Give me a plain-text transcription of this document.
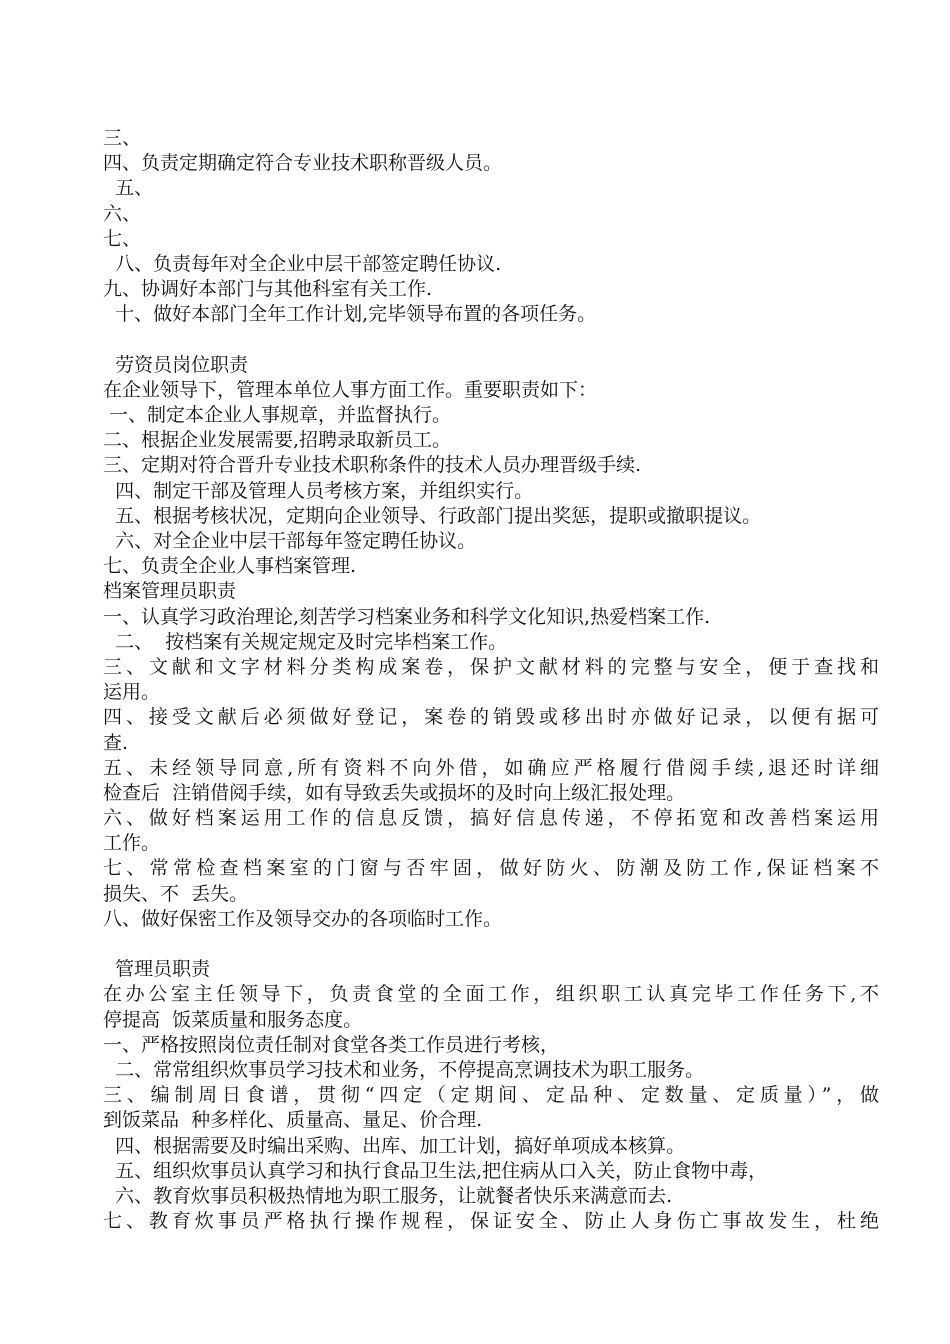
三、
四、负责定期确定符合专业技术职称晋级人员。
五、
六、
七、
八、负责每年对全企业中层干部签定聘任协议.
九、协调好本部门与其他科室有关工作.
十、做好本部门全年工作计划,完毕领导布置的各项任务。
劳资员岗位职责
在企业领导下，管理本单位人事方面工作。重要职责如下：
一、制定本企业人事规章，并监督执行。
二、根据企业发展需要,招聘录取新员工。
三、定期对符合晋升专业技术职称条件的技术人员办理晋级手续.
四、制定干部及管理人员考核方案，并组织实行。
五、根据考核状况，定期向企业领导、行政部门提出奖惩，提职或撤职提议。
六、对全企业中层干部每年签定聘任协议。
七、负责全企业人事档案管理.
档案管理员职责
一、认真学习政治理论,刻苦学习档案业务和科学文化知识,热爱档案工作.
二、  按档案有关规定规定及时完毕档案工作。
三、文献和文字材料分类构成案卷，保护文献材料的完整与安全，便于查找和
运用。
四、接受文献后必须做好登记，案卷的销毁或移出时亦做好记录，以便有据可
查.
五、未经领导同意,所有资料不向外借，如确应严格履行借阅手续,退还时详细
检查后  注销借阅手续，如有导致丢失或损坏的及时向上级汇报处理。
六、做好档案运用工作的信息反馈，搞好信息传递，不停拓宽和改善档案运用
工作。
七、常常检查档案室的门窗与否牢固，做好防火、防潮及防工作,保证档案不
损失、不  丢失。
八、做好保密工作及领导交办的各项临时工作。
管理员职责
在办公室主任领导下，负责食堂的全面工作，组织职工认真完毕工作任务下,不
停提高  饭菜质量和服务态度。
一、严格按照岗位责任制对食堂各类工作员进行考核，
二、常常组织炊事员学习技术和业务，不停提高烹调技术为职工服务。
三、编制周日食谱，贯彻“四定（定期间、定品种、定数量、定质量）”，做
到饭菜品  种多样化、质量高、量足、价合理.
四、根据需要及时编出采购、出库、加工计划，搞好单项成本核算。
五、组织炊事员认真学习和执行食品卫生法,把住病从口入关，防止食物中毒，
六、教育炊事员积极热情地为职工服务，让就餐者快乐来满意而去.
七、教育炊事员严格执行操作规程，保证安全、防止人身伤亡事故发生，杜绝
